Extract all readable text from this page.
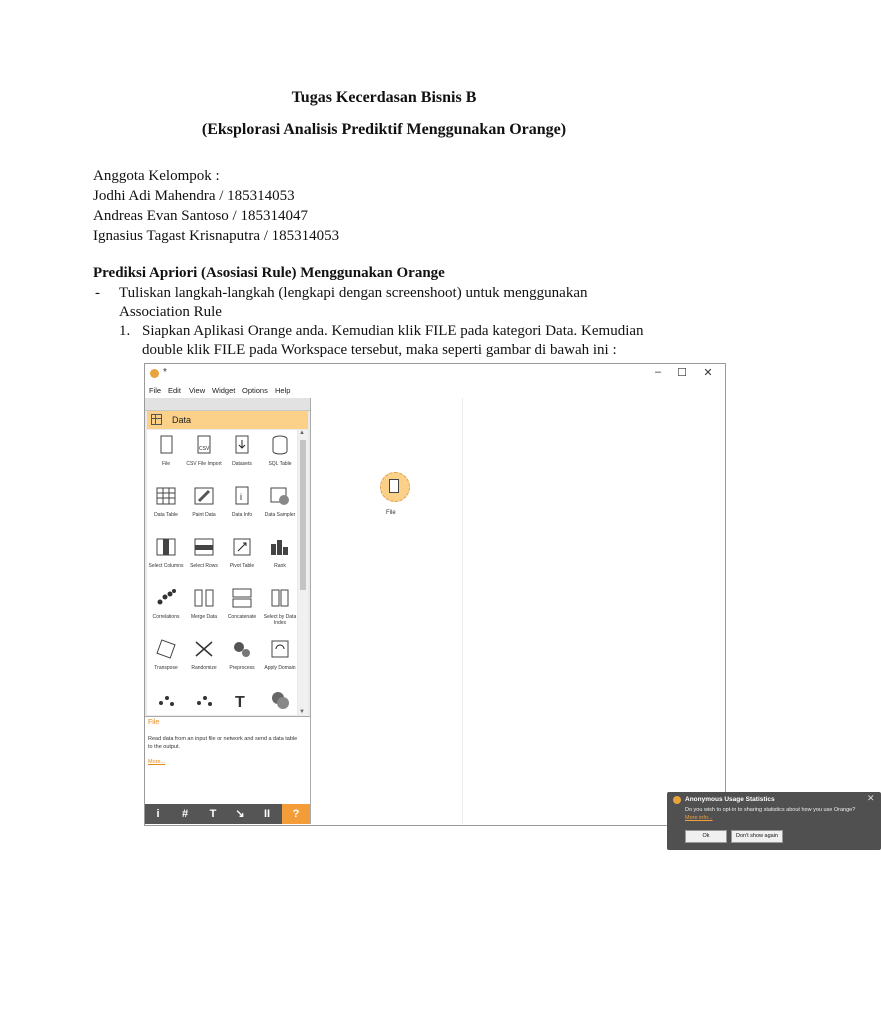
Tugas Kecerdasan Bisnis B
(Eksplorasi Analisis Prediktif Menggunakan Orange)
Anggota Kelompok :
Jodhi Adi Mahendra / 185314053
Andreas Evan Santoso / 185314047
Ignasius Tagast Krisnaputra / 185314053
Prediksi Apriori (Asosiasi Rule) Menggunakan Orange
- Tuliskan langkah-langkah (lengkapi dengan screenshoot) untuk menggunakan
Association Rule
1. Siapkan Aplikasi Orange anda. Kemudian klik FILE pada kategori Data. Kemudian
double klik FILE pada Workspace tersebut, maka seperti gambar di bawah ini :
*	–	☐ ✕
File Edit View Widget Options Help
Data
File
CSV
CSV File Import	Datasets	SQL Table
Data Table	Paint Data
i
Data Info	Data Sampler
Select Columns	Select Rows	Pivot Table	Rank
Correlations	Merge Data	Concatenate	Select by Data Index
Transpose	Randomize	Preprocess	Apply Domain
T
▲
▼
File
Read data from an input file or network and send a data table to the output.
More...
i	#	T	↘	II	?
File
Anonymous Usage Statistics	✕
Do you wish to opt-in to sharing statistics about how you use Orange?
More info...
Ok	Don't show again
